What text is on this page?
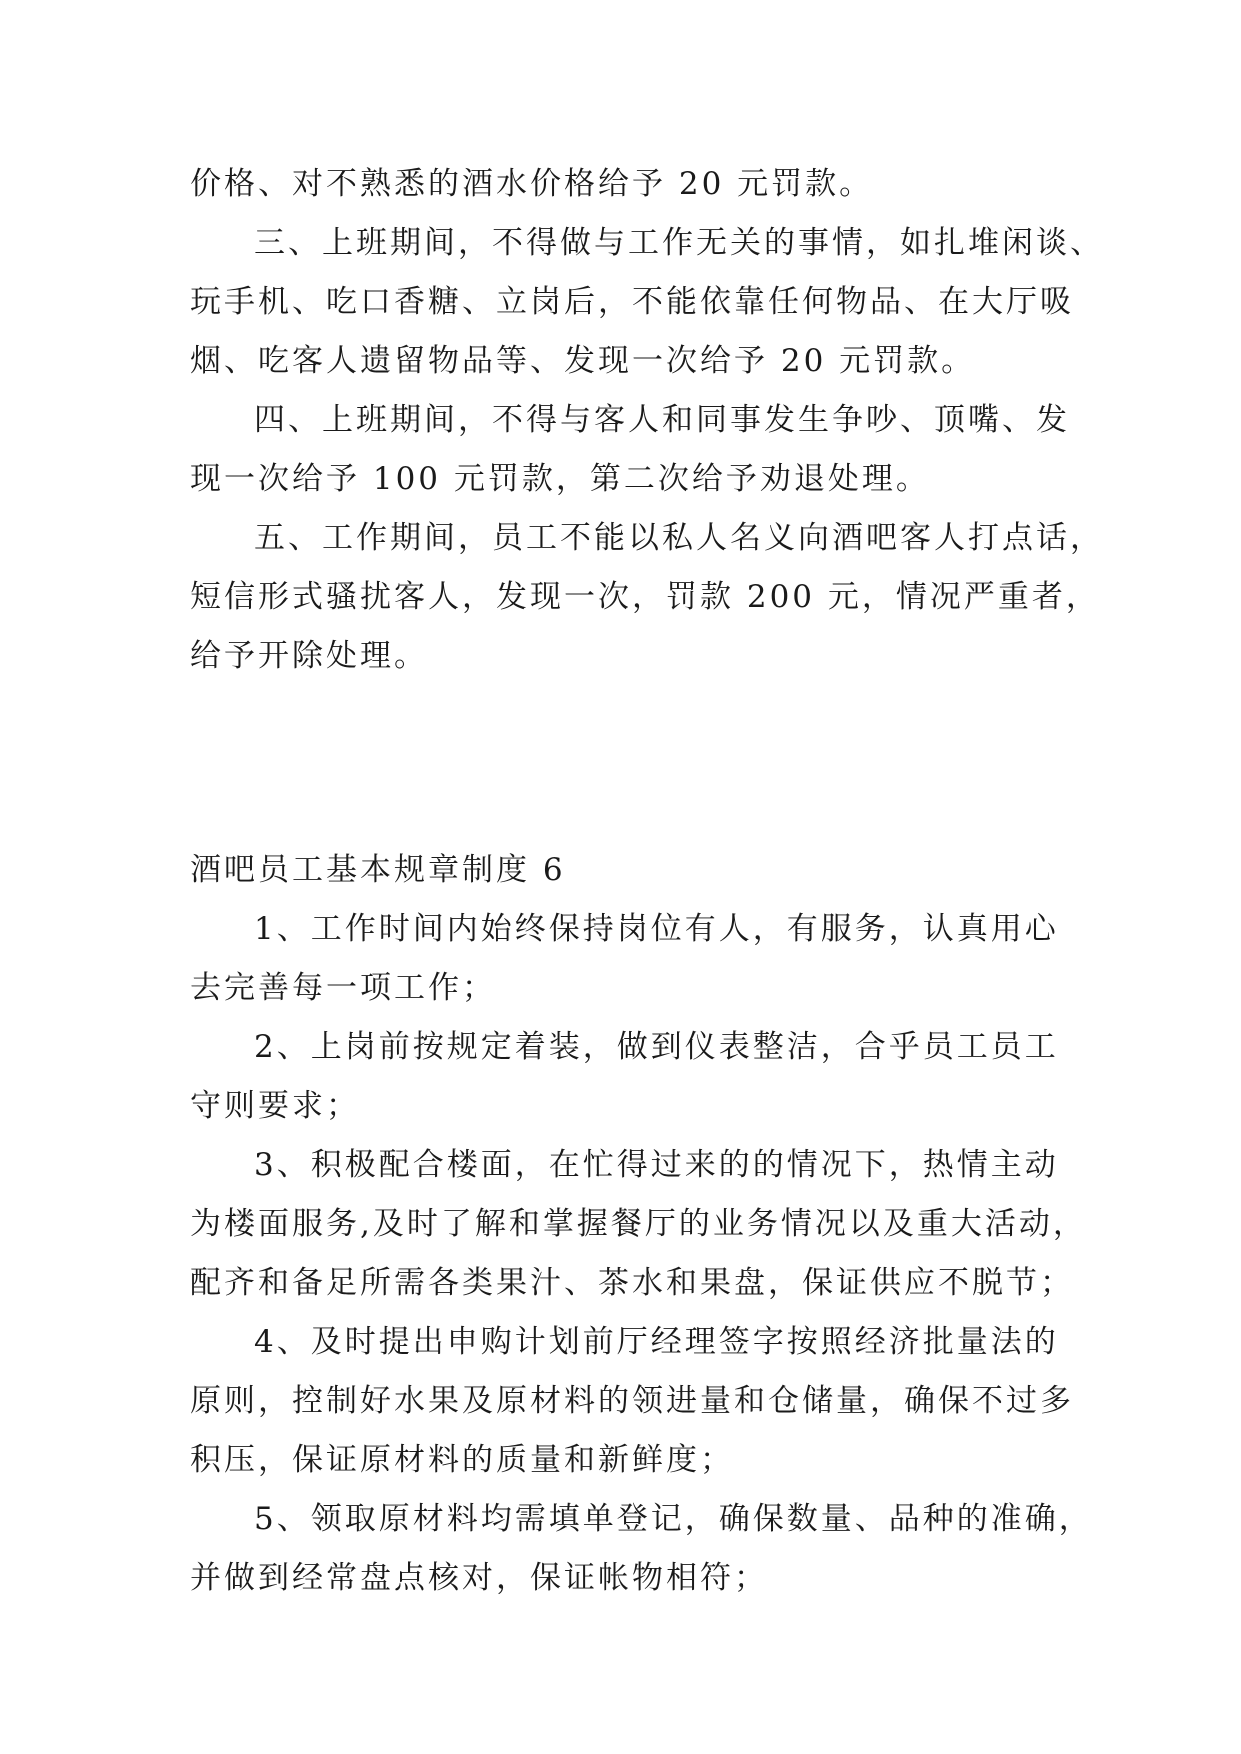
价格、对不熟悉的酒水价格给予 20 元罚款。
三、上班期间，不得做与工作无关的事情，如扎堆闲谈、
玩手机、吃口香糖、立岗后，不能依靠任何物品、在大厅吸
烟、吃客人遗留物品等、发现一次给予 20 元罚款。
四、上班期间，不得与客人和同事发生争吵、顶嘴、发
现一次给予 100 元罚款，第二次给予劝退处理。
五、工作期间，员工不能以私人名义向酒吧客人打点话，
短信形式骚扰客人，发现一次，罚款 200 元，情况严重者，
给予开除处理。
酒吧员工基本规章制度 6
1、工作时间内始终保持岗位有人，有服务，认真用心
去完善每一项工作；
2、上岗前按规定着装，做到仪表整洁，合乎员工员工
守则要求；
3、积极配合楼面，在忙得过来的的情况下，热情主动
为楼面服务,及时了解和掌握餐厅的业务情况以及重大活动，
配齐和备足所需各类果汁、茶水和果盘，保证供应不脱节；
4、及时提出申购计划前厅经理签字按照经济批量法的
原则，控制好水果及原材料的领进量和仓储量，确保不过多
积压，保证原材料的质量和新鲜度；
5、领取原材料均需填单登记，确保数量、品种的准确，
并做到经常盘点核对，保证帐物相符；
